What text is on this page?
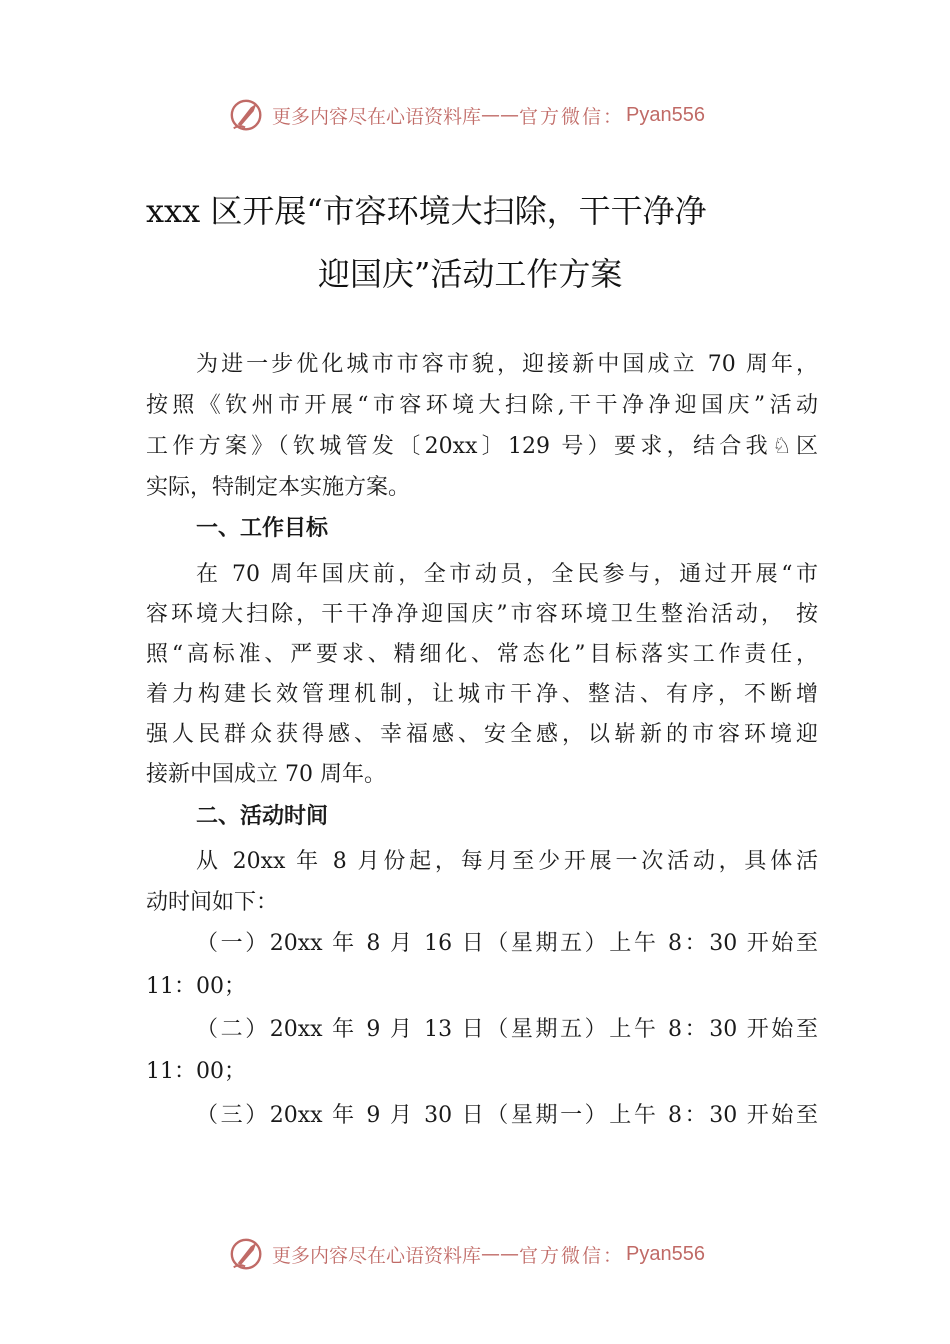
更多内容尽在心语资料库 —— 官方微信： Pyan556
xxx 区开展“市容环境大扫除，干干净净
迎国庆”活动工作方案
为进一步优化城市市容市貌，迎接新中国成立 70 周年，
按照《钦州市开展“市容环境大扫除,干干净净迎国庆”活动
工作方案》（钦城管发〔20xx〕129 号）要求，结合我♘区
实际，特制定本实施方案。
一、工作目标
在 70 周年国庆前，全市动员，全民参与，通过开展“市
容环境大扫除，干干净净迎国庆”市容环境卫生整治活动， 按
照“高标准、严要求、精细化、常态化”目标落实工作责任，
着力构建长效管理机制，让城市干净、整洁、有序，不断增
强人民群众获得感、幸福感、安全感，以崭新的市容环境迎
接新中国成立 70 周年。
二、活动时间
从 20xx 年 8 月份起，每月至少开展一次活动，具体活
动时间如下：
（一）20xx 年 8 月 16 日（星期五）上午 8：30 开始至
11：00；
（二）20xx 年 9 月 13 日（星期五）上午 8：30 开始至
11：00；
（三）20xx 年 9 月 30 日（星期一）上午 8：30 开始至
更多内容尽在心语资料库 —— 官方微信： Pyan556
